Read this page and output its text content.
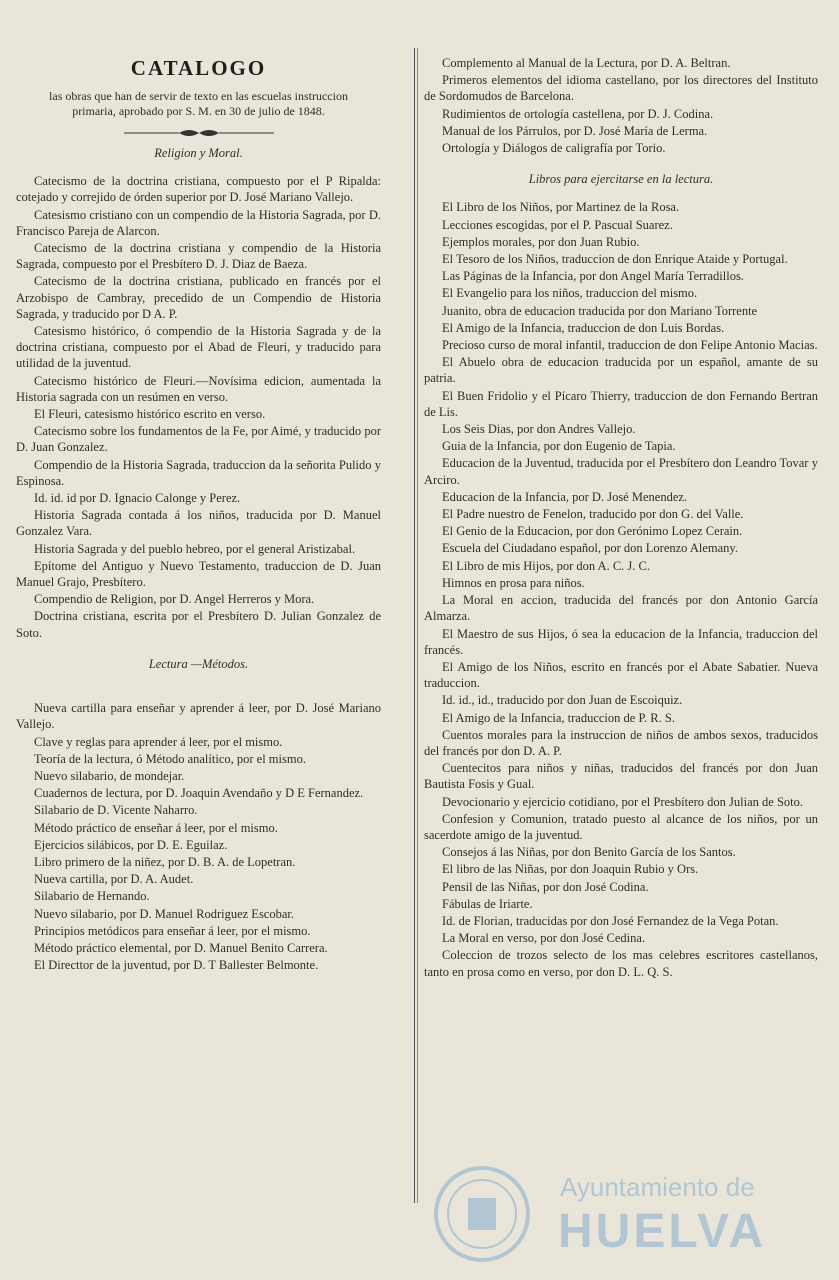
CATALOGO
las obras que han de servir de texto en las escuelas instruccion primaria, aprobado por S. M. en 30 de julio de 1848.
Religion y Moral.
Catecismo de la doctrina cristiana, compuesto por el P Ripalda: cotejado y correjido de órden superior por D. José Mariano Vallejo.
Catesismo cristiano con un compendio de la Historia Sagrada, por D. Francisco Pareja de Alarcon.
Catecismo de la doctrina cristiana y compendio de la Historia Sagrada, compuesto por el Presbítero D. J. Diaz de Baeza.
Catecismo de la doctrina cristiana, publicado en francés por el Arzobispo de Cambray, precedido de un Compendio de Historia Sagrada, y traducido por D A. P.
Catesismo histórico, ó compendio de la Historia Sagrada y de la doctrina cristiana, compuesto por el Abad de Fleuri, y traducido para utilidad de la juventud.
Catecismo histórico de Fleuri.—Novísima edicion, aumentada la Historia sagrada con un resúmen en verso.
El Fleuri, catesismo histórico escrito en verso.
Catecismo sobre los fundamentos de la Fe, por Aimé, y traducido por D. Juan Gonzalez.
Compendio de la Historia Sagrada, traduccion da la señorita Pulido y Espinosa.
Id. id. id por D. Ignacio Calonge y Perez.
Historia Sagrada contada á los niños, traducida por D. Manuel Gonzalez Vara.
Historia Sagrada y del pueblo hebreo, por el general Aristizabal.
Epítome del Antiguo y Nuevo Testamento, traduccion de D. Juan Manuel Grajo, Presbítero.
Compendio de Religion, por D. Angel Herreros y Mora.
Doctrina cristiana, escrita por el Presbítero D. Julian Gonzalez de Soto.
Lectura —Métodos.
Nueva cartilla para enseñar y aprender á leer, por D. José Mariano Vallejo.
Clave y reglas para aprender á leer, por el mismo.
Teoría de la lectura, ó Método analítico, por el mismo.
Nuevo silabario, de mondejar.
Cuadernos de lectura, por D. Joaquin Avendaño y D E Fernandez.
Silabario de D. Vicente Naharro.
Método práctico de enseñar á leer, por el mismo.
Ejercicios silábicos, por D. E. Eguilaz.
Libro primero de la niñez, por D. B. A. de Lopetran.
Nueva cartilla, por D. A. Audet.
Silabario de Hernando.
Nuevo silabario, por D. Manuel Rodriguez Escobar.
Principios metódicos para enseñar á leer, por el mismo.
Método práctico elemental, por D. Manuel Benito Carrera.
El Directtor de la juventud, por D. T Ballester Belmonte.
Complemento al Manual de la Lectura, por D. A. Beltran.
Primeros elementos del idioma castellano, por los directores del Instituto de Sordomudos de Barcelona.
Rudimientos de ortología castellena, por D. J. Codina.
Manual de los Párrulos, por D. José María de Lerma.
Ortología y Diálogos de caligrafía por Torio.
Libros para ejercitarse en la lectura.
El Libro de los Niños, por Martinez de la Rosa.
Lecciones escogidas, por el P. Pascual Suarez.
Ejemplos morales, por don Juan Rubio.
El Tesoro de los Niños, traduccion de don Enrique Ataide y Portugal.
Las Páginas de la Infancia, por don Angel María Terradillos.
El Evangelio para los niños, traduccion del mismo.
Juanito, obra de educacion traducida por don Mariano Torrente
El Amigo de la Infancia, traduccion de don Luis Bordas.
Precioso curso de moral infantil, traduccion de don Felipe Antonio Macias.
El Abuelo obra de educacion traducida por un español, amante de su patria.
El Buen Fridolio y el Pícaro Thierry, traduccion de don Fernando Bertran de Lis.
Los Seis Dias, por don Andres Vallejo.
Guia de la Infancia, por don Eugenio de Tapia.
Educacion de la Juventud, traducida por el Presbítero don Leandro Tovar y Arciro.
Educacion de la Infancia, por D. José Menendez.
El Padre nuestro de Fenelon, traducido por don G. del Valle.
El Genio de la Educacion, por don Gerónimo Lopez Cerain.
Escuela del Ciudadano español, por don Lorenzo Alemany.
El Libro de mis Hijos, por don A. C. J. C.
Himnos en prosa para niños.
La Moral en accion, traducida del francés por don Antonio García Almarza.
El Maestro de sus Hijos, ó sea la educacion de la Infancia, traduccion del francés.
El Amigo de los Niños, escrito en francés por el Abate Sabatier. Nueva traduccion.
Id. id., id., traducido por don Juan de Escoiquiz.
El Amigo de la Infancia, traduccion de P. R. S.
Cuentos morales para la instruccion de niños de ambos sexos, traducidos del francés por don D. A. P.
Cuentecitos para niños y niñas, traducidos del francés por don Juan Bautista Fosis y Gual.
Devocionario y ejercicio cotidiano, por el Presbítero don Julian de Soto.
Confesion y Comunion, tratado puesto al alcance de los niños, por un sacerdote amigo de la juventud.
Consejos á las Niñas, por don Benito García de los Santos.
El libro de las Niñas, por don Joaquin Rubio y Ors.
Pensil de las Niñas, por don José Codina.
Fábulas de Iriarte.
Id. de Florian, traducidas por don José Fernandez de la Vega Potan.
La Moral en verso, por don José Cedina.
Coleccion de trozos selecto de los mas celebres escritores castellanos, tanto en prosa como en verso, por don D. L. Q. S.
Ayuntamiento de
HUELVA
